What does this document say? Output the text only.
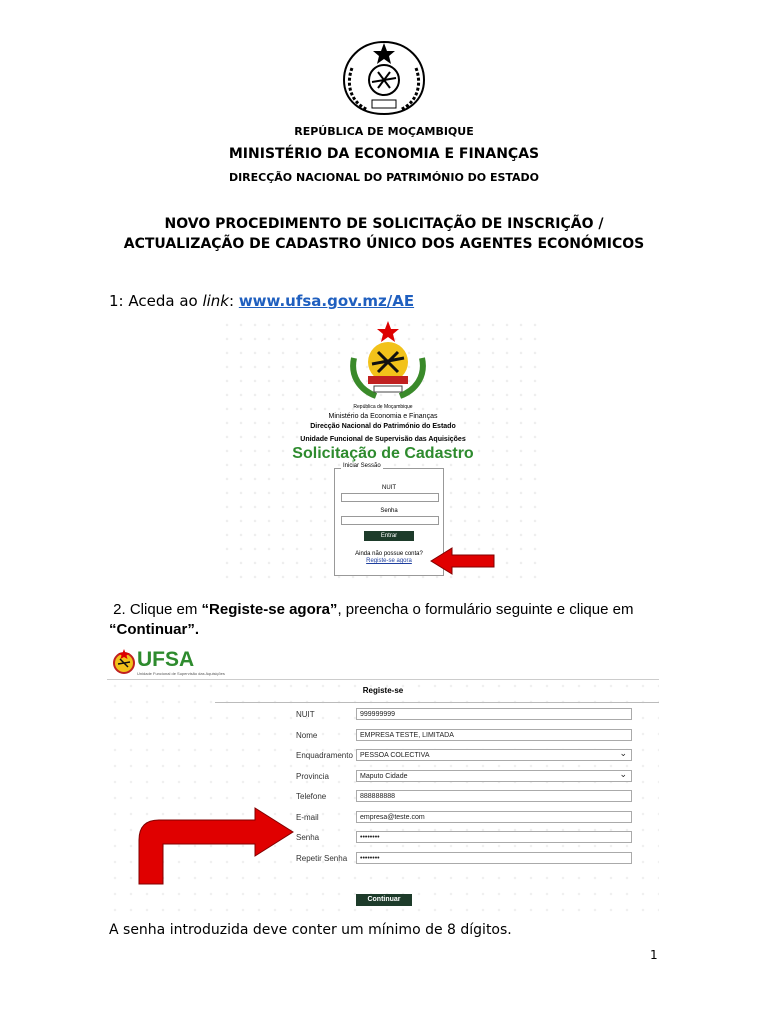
REPÚBLICA DE MOÇAMBIQUE
MINISTÉRIO DA ECONOMIA E FINANÇAS
DIRECÇÃO NACIONAL DO PATRIMÓNIO DO ESTADO
NOVO PROCEDIMENTO DE SOLICITAÇÃO DE INSCRIÇÃO /
ACTUALIZAÇÃO DE CADASTRO ÚNICO DOS AGENTES ECONÓMICOS
1: Aceda ao link: www.ufsa.gov.mz/AE
República de Moçambique
Ministério da Economia e Finanças
Direcção Nacional do Património do Estado
Unidade Funcional de Supervisão das Aquisições
Solicitação de Cadastro
Iniciar Sessão
NUIT
Senha
Entrar
Ainda não possue conta?
Registe-se agora
2. Clique em “Registe-se agora”, preencha o formulário seguinte e clique em
“Continuar”.
UFSA
Unidade Funcional de Supervisão das Aquisições
Registe-se
NUIT	999999999
Nome	EMPRESA TESTE, LIMITADA
Enquadramento	PESSOA COLECTIVA ⌄
Provincia	Maputo Cidade ⌄
Telefone	888888888
E-mail	empresa@teste.com
Senha	••••••••
Repetir Senha	••••••••
Continuar
A senha introduzida deve conter um mínimo de 8 dígitos.
1
